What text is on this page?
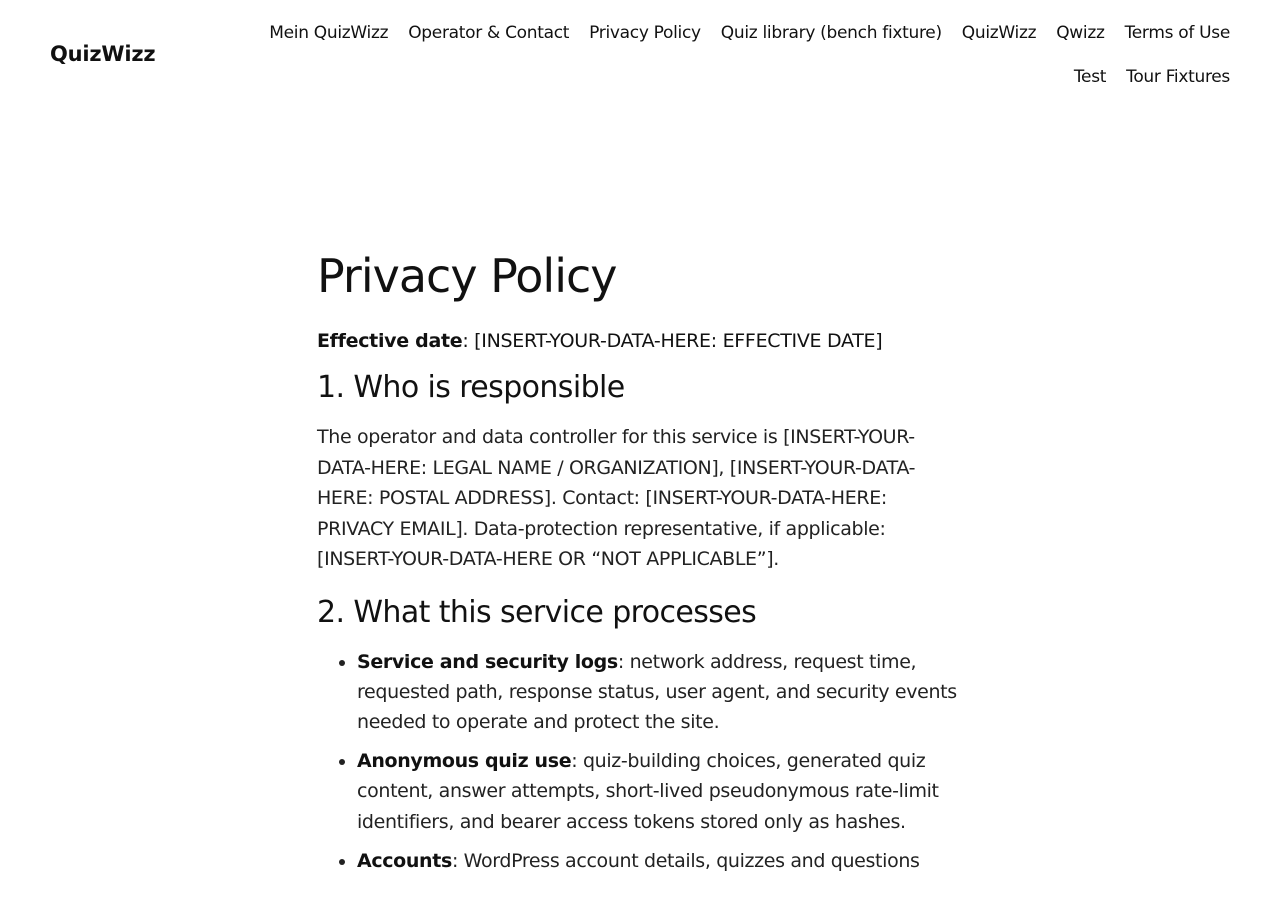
QuizWizz
Mein QuizWizz Operator & Contact Privacy Policy Quiz library (bench fixture) QuizWizz Qwizz Terms of Use
Test Tour Fixtures
Privacy Policy

Effective date: [INSERT-YOUR-DATA-HERE: EFFECTIVE DATE]

1. Who is responsible

The operator and data controller for this service is [INSERT-YOUR-DATA-HERE: LEGAL NAME / ORGANIZATION], [INSERT-YOUR-DATA-HERE: POSTAL ADDRESS]. Contact: [INSERT-YOUR-DATA-HERE: PRIVACY EMAIL]. Data-protection representative, if applicable: [INSERT-YOUR-DATA-HERE OR “NOT APPLICABLE”].

2. What this service processes
• Service and security logs: network address, request time, requested path, response status, user agent, and security events needed to operate and protect the site.
• Anonymous quiz use: quiz-building choices, generated quiz content, answer attempts, short-lived pseudonymous rate-limit identifiers, and bearer access tokens stored only as hashes.
• Accounts: WordPress account details, quizzes and questions
